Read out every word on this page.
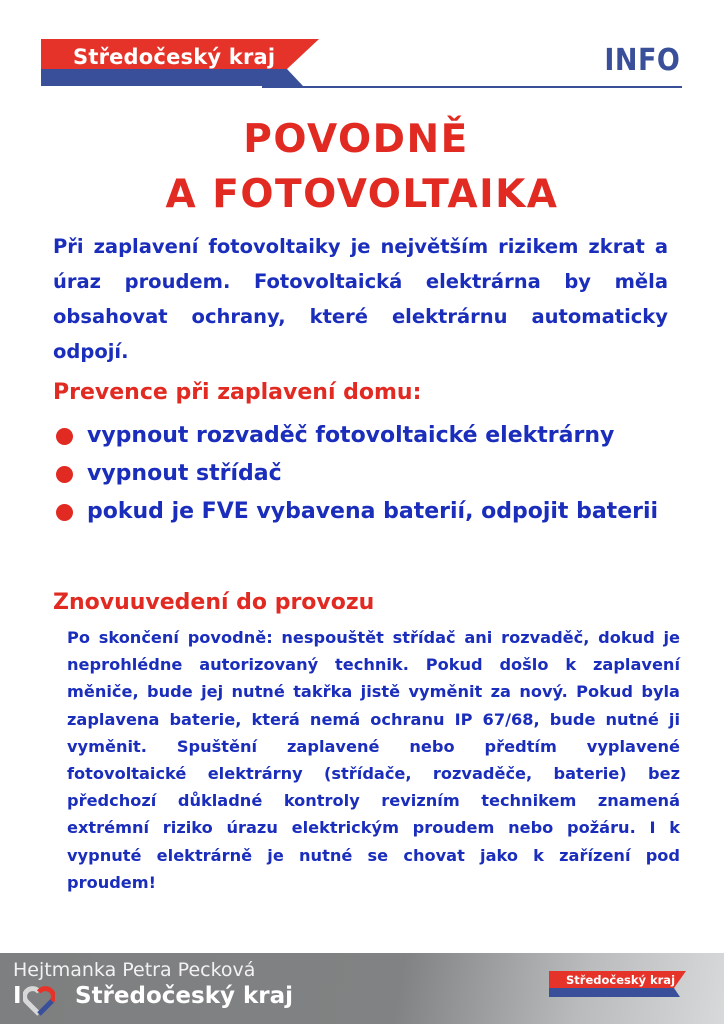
Středočeský kraj	INFO
POVODNĚ
A FOTOVOLTAIKA
Při zaplavení fotovoltaiky je největším rizikem zkrat a úraz proudem. Fotovoltaická elektrárna by měla obsahovat ochrany, které elektrárnu automaticky odpojí.
Prevence při zaplavení domu:
vypnout rozvaděč fotovoltaické elektrárny
vypnout střídač
pokud je FVE vybavena baterií, odpojit baterii
Znovuuvedení do provozu
Po skončení povodně: nespouštět střídač ani rozvaděč, dokud je neprohlédne autorizovaný technik. Pokud došlo k zaplavení měniče, bude jej nutné takřka jistě vyměnit za nový. Pokud byla zaplavena baterie, která nemá ochranu IP 67/68, bude nutné ji vyměnit. Spuštění zaplavené nebo předtím vyplavené fotovoltaické elektrárny (střídače, rozvaděče, baterie) bez předchozí důkladné kontroly revizním technikem znamená extrémní riziko úrazu elektrickým proudem nebo požáru. I k vypnuté elektrárně je nutné se chovat jako k zařízení pod proudem!
Hejtmanka Petra Pecková
I Středočeský kraj
Středočeský kraj
